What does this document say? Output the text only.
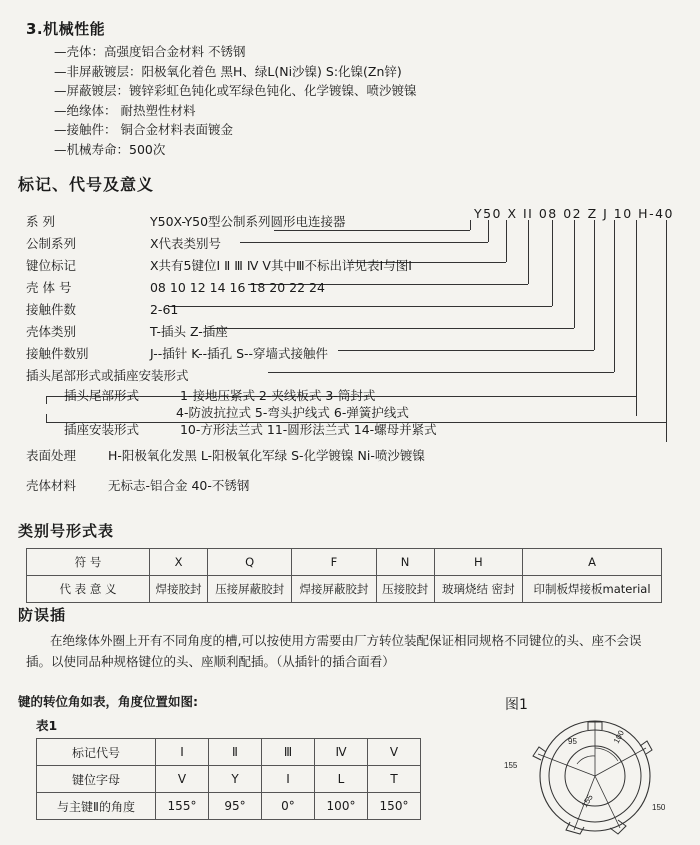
3.机械性能
—壳体：高强度铝合金材料 不锈钢
—非屏蔽镀层：阳极氧化着色 黑H、绿L(Ni沙镍) S:化镍(Zn锌)
—屏蔽镀层：镀锌彩虹色钝化或军绿色钝化、化学镀镍、喷沙镀镍
—绝缘体： 耐热塑性材料
—接触件： 铜合金材料表面镀金
—机械寿命：500次
标记、代号及意义
Y50 X II 08 02 Z J 10 H-40
系 列	Y50X-Y50型公制系列圆形电连接器
公制系列	X代表类别号
键位标记	X共有5键位Ⅰ Ⅱ Ⅲ Ⅳ Ⅴ其中Ⅲ不标出详见表Ⅰ与图Ⅰ
壳 体 号	08 10 12 14 16 18 20 22 24
接触件数	2-61
壳体类别	T-插头 Z-插座
接触件数别	J--插针 K--插孔 S--穿墙式接触件
插头尾部形式或插座安装形式
插头尾部形式	1-接地压紧式 2-夹线板式 3-筒封式
4-防波抗拉式 5-弯头护线式 6-弹簧护线式
插座安装形式	10-方形法兰式 11-圆形法兰式 14-螺母并紧式
表面处理	H-阳极氧化发黑 L-阳极氧化军绿 S-化学镀镍 Ni-喷沙镀镍
壳体材料	无标志-铝合金 40-不锈钢
类别号形式表
符 号	X	Q	F	N	H	A
代 表 意 义	焊接胶封	压接屏蔽胶封	焊接屏蔽胶封	压接胶封	玻璃烧结 密封	印制板焊接板material
防误插
在绝缘体外圈上开有不同角度的槽,可以按使用方需要由厂方转位装配保证相同规格不同键位的头、座不会误插。以使同品种规格键位的头、座顺利配插。（从插针的插合面看）
键的转位角如表，角度位置如图:
表1
标记代号	Ⅰ	Ⅱ	Ⅲ	Ⅳ	Ⅴ
键位字母	V	Y	I	L	T
与主键Ⅱ的角度	155°	95°	0°	100°	150°
图1
95	100
155
150
155
